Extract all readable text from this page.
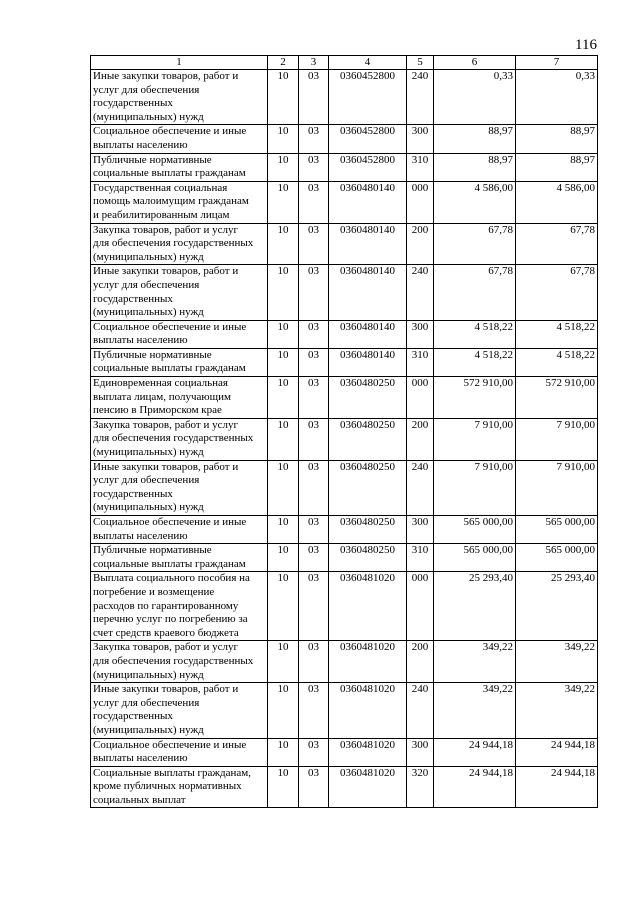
116
1	2	3	4	5	6	7

Иные закупки товаров, работ и
услуг для обеспечения
государственных
(муниципальных) нужд	10	03	0360452800	240	0,33	0,33

Социальное обеспечение и иные
выплаты населению	10	03	0360452800	300	88,97	88,97

Публичные нормативные
социальные выплаты гражданам	10	03	0360452800	310	88,97	88,97

Государственная социальная
помощь малоимущим гражданам
и реабилитированным лицам	10	03	0360480140	000	4 586,00	4 586,00

Закупка товаров, работ и услуг
для обеспечения государственных
(муниципальных) нужд	10	03	0360480140	200	67,78	67,78

Иные закупки товаров, работ и
услуг для обеспечения
государственных
(муниципальных) нужд	10	03	0360480140	240	67,78	67,78

Социальное обеспечение и иные
выплаты населению	10	03	0360480140	300	4 518,22	4 518,22

Публичные нормативные
социальные выплаты гражданам	10	03	0360480140	310	4 518,22	4 518,22

Единовременная социальная
выплата лицам, получающим
пенсию в Приморском крае	10	03	0360480250	000	572 910,00	572 910,00

Закупка товаров, работ и услуг
для обеспечения государственных
(муниципальных) нужд	10	03	0360480250	200	7 910,00	7 910,00

Иные закупки товаров, работ и
услуг для обеспечения
государственных
(муниципальных) нужд	10	03	0360480250	240	7 910,00	7 910,00

Социальное обеспечение и иные
выплаты населению	10	03	0360480250	300	565 000,00	565 000,00

Публичные нормативные
социальные выплаты гражданам	10	03	0360480250	310	565 000,00	565 000,00

Выплата социального пособия на
погребение и возмещение
расходов по гарантированному
перечню услуг по погребению за
счет средств краевого бюджета	10	03	0360481020	000	25 293,40	25 293,40

Закупка товаров, работ и услуг
для обеспечения государственных
(муниципальных) нужд	10	03	0360481020	200	349,22	349,22

Иные закупки товаров, работ и
услуг для обеспечения
государственных
(муниципальных) нужд	10	03	0360481020	240	349,22	349,22

Социальное обеспечение и иные
выплаты населению	10	03	0360481020	300	24 944,18	24 944,18

Социальные выплаты гражданам,
кроме публичных нормативных
социальных выплат	10	03	0360481020	320	24 944,18	24 944,18
